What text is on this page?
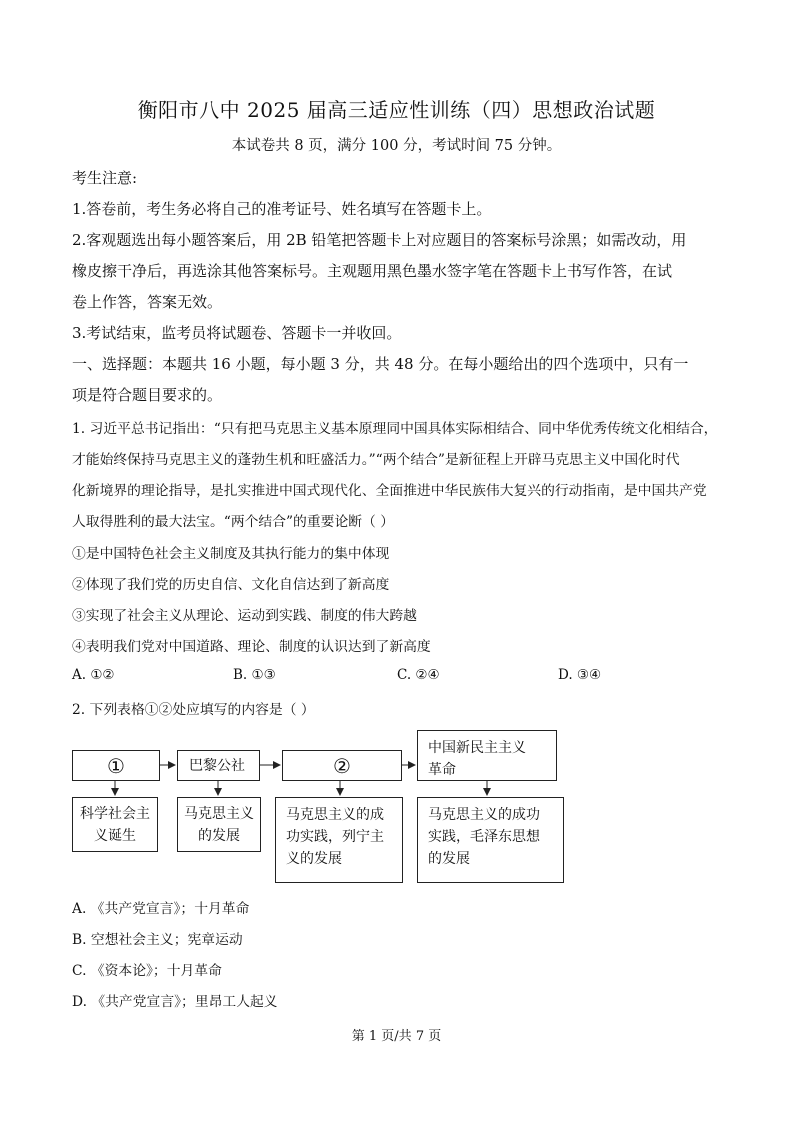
衡阳市八中 2025 届高三适应性训练（四）思想政治试题
本试卷共 8 页，满分 100 分，考试时间 75 分钟。
考生注意:
1.答卷前，考生务必将自己的准考证号、姓名填写在答题卡上。
2.客观题选出每小题答案后，用 2B 铅笔把答题卡上对应题目的答案标号涂黑；如需改动，用
橡皮擦干净后，再选涂其他答案标号。主观题用黑色墨水签字笔在答题卡上书写作答，在试
卷上作答，答案无效。
3.考试结束，监考员将试题卷、答题卡一并收回。
一、选择题：本题共 16 小题，每小题 3 分，共 48 分。在每小题给出的四个选项中，只有一
项是符合题目要求的。
1. 习近平总书记指出：“只有把马克思主义基本原理同中国具体实际相结合、同中华优秀传统文化相结合，
才能始终保持马克思主义的蓬勃生机和旺盛活力。”“两个结合”是新征程上开辟马克思主义中国化时代
化新境界的理论指导，是扎实推进中国式现代化、全面推进中华民族伟大复兴的行动指南，是中国共产党
人取得胜利的最大法宝。“两个结合”的重要论断（ ）
①是中国特色社会主义制度及其执行能力的集中体现
②体现了我们党的历史自信、文化自信达到了新高度
③实现了社会主义从理论、运动到实践、制度的伟大跨越
④表明我们党对中国道路、理论、制度的认识达到了新高度
A. ①②	B. ①③	C. ②④	D. ③④
2. 下列表格①②处应填写的内容是（ ）
①	巴黎公社	②
中国新民主主义革命
科学社会主义诞生
马克思主义的发展
马克思主义的成功实践，列宁主义的发展
马克思主义的成功实践，毛泽东思想的发展
A. 《共产党宣言》；十月革命
B. 空想社会主义；宪章运动
C. 《资本论》；十月革命
D. 《共产党宣言》；里昂工人起义
第 1 页/共 7 页
